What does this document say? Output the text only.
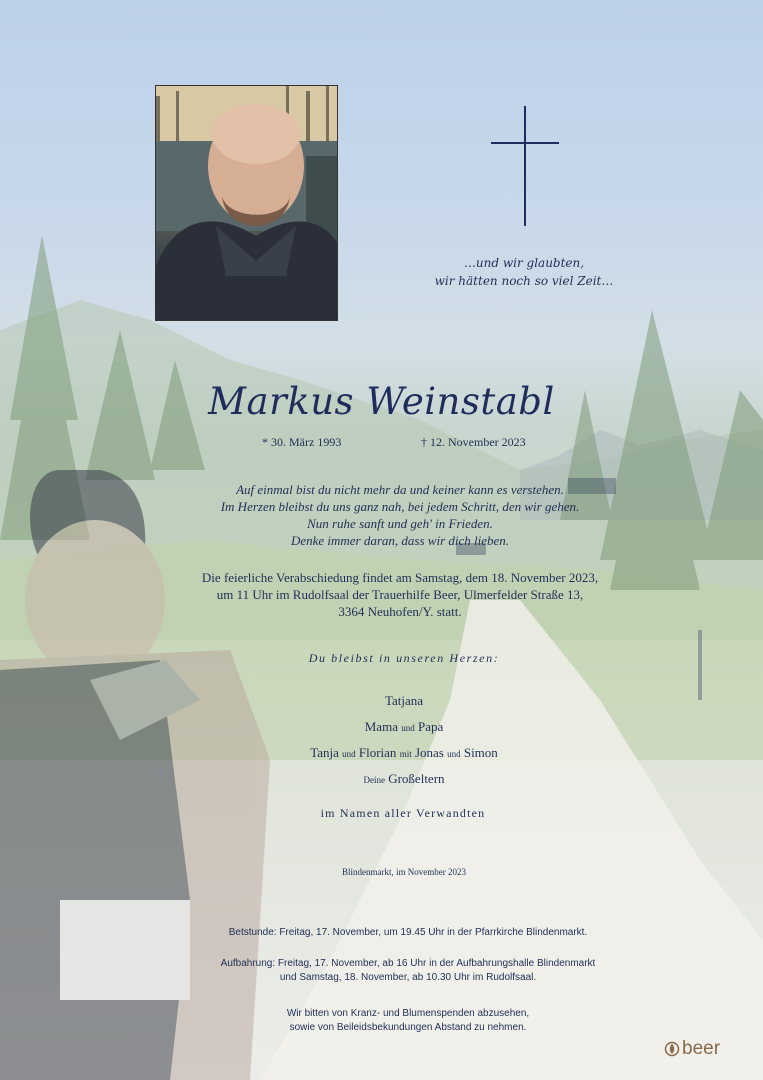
…und wir glaubten,
wir hätten noch so viel Zeit…
Markus Weinstabl
* 30. März 1993	† 12. November 2023
Auf einmal bist du nicht mehr da und keiner kann es verstehen.
Im Herzen bleibst du uns ganz nah, bei jedem Schritt, den wir gehen.
Nun ruhe sanft und geh' in Frieden.
Denke immer daran, dass wir dich lieben.
Die feierliche Verabschiedung findet am Samstag, dem 18. November 2023,
um 11 Uhr im Rudolfsaal der Trauerhilfe Beer, Ulmerfelder Straße 13,
3364 Neuhofen/Y. statt.
Du bleibst in unseren Herzen:
Tatjana
Mama und Papa
Tanja und Florian mit Jonas und Simon
Deine Großeltern
im Namen aller Verwandten
Blindenmarkt, im November 2023
Betstunde: Freitag, 17. November, um 19.45 Uhr in der Pfarrkirche Blindenmarkt.
Aufbahrung: Freitag, 17. November, ab 16 Uhr in der Aufbahrungshalle Blindenmarkt
und Samstag, 18. November, ab 10.30 Uhr im Rudolfsaal.
Wir bitten von Kranz- und Blumenspenden abzusehen,
sowie von Beileidsbekundungen Abstand zu nehmen.
beer
